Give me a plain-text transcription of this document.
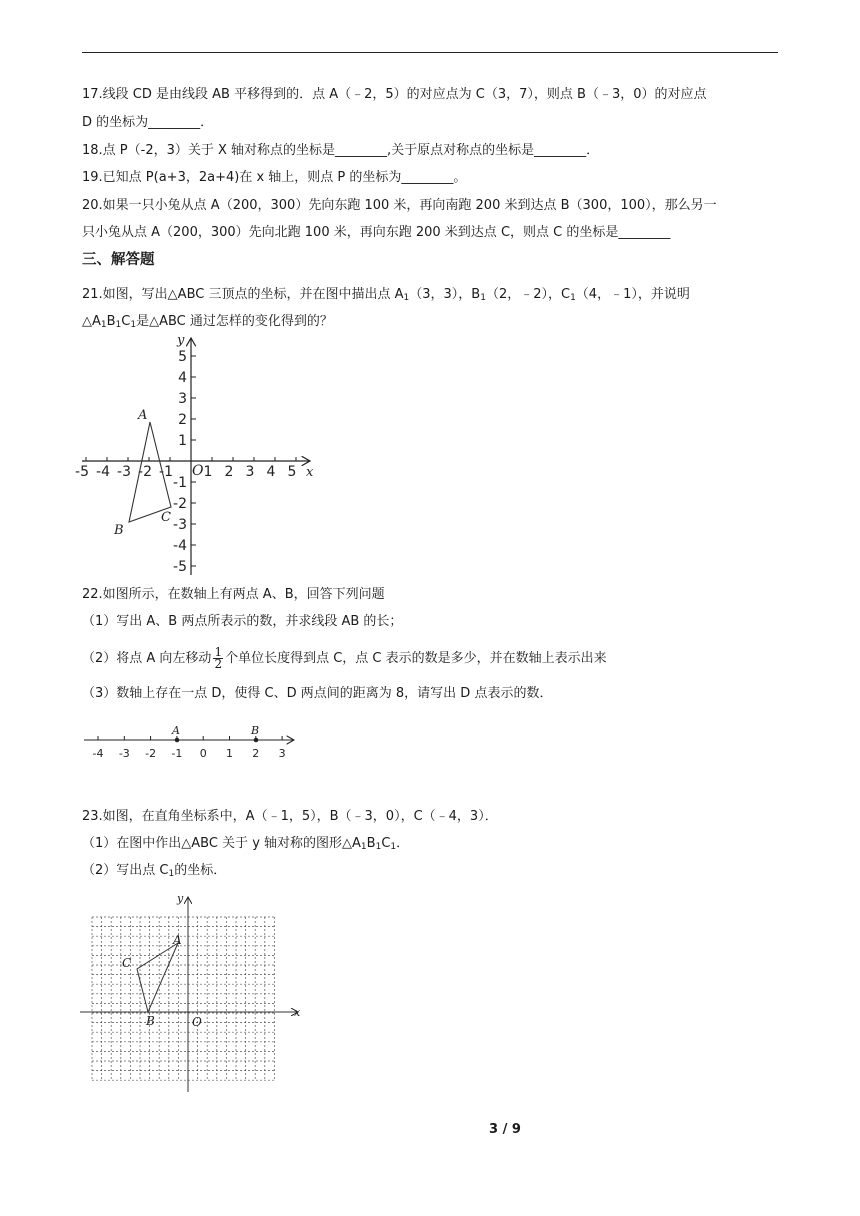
17.线段 CD 是由线段 AB 平移得到的．点 A（﹣2，5）的对应点为 C（3，7），则点 B（﹣3，0）的对应点
D 的坐标为________．
18.点 P（-2，3）关于 X 轴对称点的坐标是________,关于原点对称点的坐标是________．
19.已知点 P(a+3，2a+4)在 x 轴上，则点 P 的坐标为________。
20.如果一只小兔从点 A（200，300）先向东跑 100 米，再向南跑 200 米到达点 B（300，100），那么另一
只小兔从点 A（200，300）先向北跑 100 米，再向东跑 200 米到达点 C，则点 C 的坐标是________
三、解答题
21.如图，写出△ABC 三顶点的坐标，并在图中描出点 $A_1(3$，3），$B_1(2$，﹣2），$C_1(4$，﹣1），并说明
$\triangle A_1B_1C_1$是△ABC 通过怎样的变化得到的？
-5 -4 -3 -2 -1 1 2 3 4 5
5
4
3
2
1
-1
-2
-3
-4
-5
O	x
y
A
B
C
22.如图所示，在数轴上有两点 A、B，回答下列问题
（1）写出 A、B 两点所表示的数，并求线段 AB 的长；
（2）将点 A 向左移动 $\frac{1}{2}$ 个单位长度得到点 C，点 C 表示的数是多少，并在数轴上表示出来
（3）数轴上存在一点 D，使得 C、D 两点间的距离为 8，请写出 D 点表示的数．
-4 -3 -2 -1 0 1 2 3
A	B
23.如图，在直角坐标系中，A（﹣1，5），B（﹣3，0），C（﹣4，3）．
（1）在图中作出△ABC 关于 y 轴对称的图形$\triangle A_1B_1C_1$．
（2）写出点 $C_1$的坐标．
A
B
C
O
x
y
3 / 9
